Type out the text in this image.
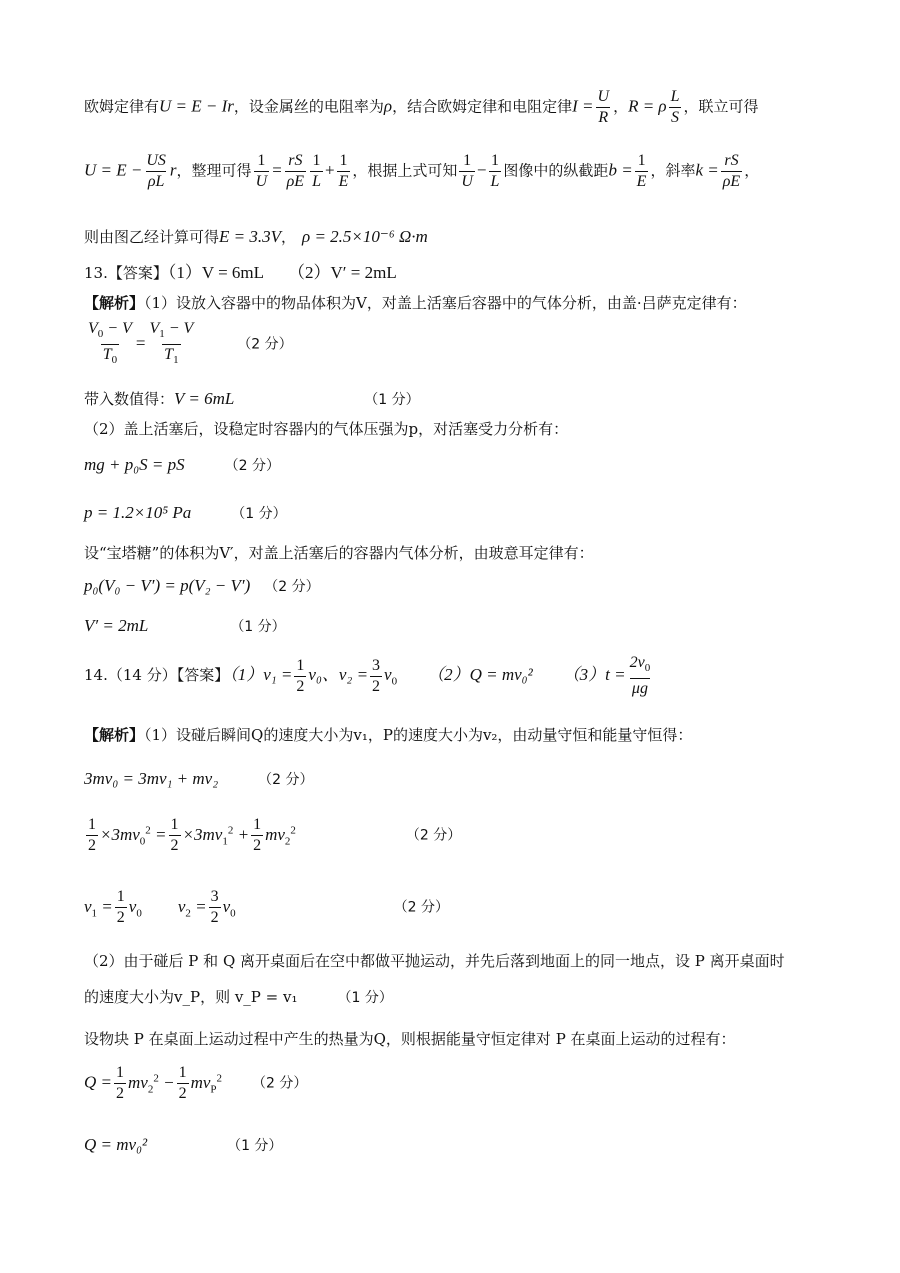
欧姆定律有U = E − Ir，设金属丝的电阻率为ρ，结合欧姆定律和电阻定律$I = \frac{U}{R}$ ，R = ρ $\frac{L}{S}$ ，联立可得
$U = E - \frac{US}{\rho L}$ r，整理可得 $\frac{1}{U} = \frac{rS}{\rho E} \frac{1}{L} + \frac{1}{E}$ ，根据上式可知 $\frac{1}{U} - \frac{1}{L}$ 图像中的纵截距$b = \frac{1}{E}$ ，斜率$k = \frac{rS}{\rho E}$ ，
则由图乙经计算可得E = 3.3V， ρ = 2.5×10⁻⁶ Ω·m
13.【答案】（1）V = 6mL （2）V′ = 2mL
【解析】（1）设放入容器中的物品体积为V，对盖上活塞后容器中的气体分析，由盖·吕萨克定律有：
$\frac{V_0 - V}{T_0} = \frac{V_1 - V}{T_1}$	（2 分）
带入数值得：V = 6mL	（1 分）
（2）盖上活塞后，设稳定时容器内的气体压强为p，对活塞受力分析有：
mg + p₀S = pS	（2 分）
p = 1.2×10⁵ Pa	（1 分）
设“宝塔糖”的体积为V′，对盖上活塞后的容器内气体分析，由玻意耳定律有：
p₀(V₀ − V′) = p(V₂ − V′) （2 分）
V′ = 2mL	（1 分）
14.（14 分）【答案】$(1)v_1 = \frac{1}{2} v_0$、$v_2 = \frac{3}{2} v_0$ （2）Q = mv₀² $(3)t = \frac{2v_0}{\mu g}$
【解析】（1）设碰后瞬间Q的速度大小为v₁，P的速度大小为v₂，由动量守恒和能量守恒得：
3mv₀ = 3mv₁ + mv₂	（2 分）
$\frac{1}{2} \times 3mv_0^2 = \frac{1}{2} \times 3mv_1^2 + \frac{1}{2} mv_2^2$	（2 分）
$v_1 = \frac{1}{2} v_0$ $v_2 = \frac{3}{2} v_0$	（2 分）
（2）由于碰后 P 和 Q 离开桌面后在空中都做平抛运动，并先后落到地面上的同一地点，设 P 离开桌面时
的速度大小为v_P，则 v_P = v₁	（1 分）
设物块 P 在桌面上运动过程中产生的热量为Q，则根据能量守恒定律对 P 在桌面上运动的过程有：
$Q = \frac{1}{2} mv_2^2 - \frac{1}{2} mv_P^2$ （2 分）
Q = mv₀²	（1 分）
